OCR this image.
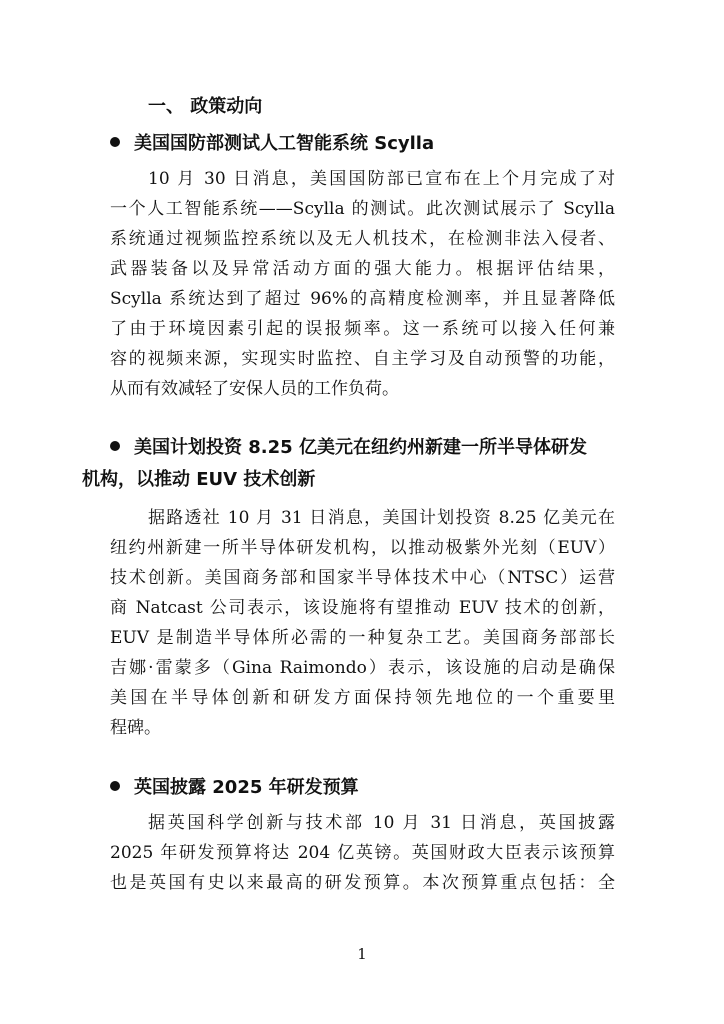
一、 政策动向
美国国防部测试人工智能系统 Scylla
10 月 30 日消息，美国国防部已宣布在上个月完成了对
一个人工智能系统——Scylla 的测试。此次测试展示了 Scylla
系统通过视频监控系统以及无人机技术，在检测非法入侵者、
武器装备以及异常活动方面的强大能力。根据评估结果，
Scylla 系统达到了超过 96%的高精度检测率，并且显著降低
了由于环境因素引起的误报频率。这一系统可以接入任何兼
容的视频来源，实现实时监控、自主学习及自动预警的功能，
从而有效减轻了安保人员的工作负荷。
美国计划投资 8.25 亿美元在纽约州新建一所半导体研发
机构，以推动 EUV 技术创新
据路透社 10 月 31 日消息，美国计划投资 8.25 亿美元在
纽约州新建一所半导体研发机构，以推动极紫外光刻（EUV）
技术创新。美国商务部和国家半导体技术中心（NTSC）运营
商 Natcast 公司表示，该设施将有望推动 EUV 技术的创新，
EUV 是制造半导体所必需的一种复杂工艺。美国商务部部长
吉娜·雷蒙多（Gina Raimondo）表示，该设施的启动是确保
美国在半导体创新和研发方面保持领先地位的一个重要里
程碑。
英国披露 2025 年研发预算
据英国科学创新与技术部 10 月 31 日消息，英国披露
2025 年研发预算将达 204 亿英镑。英国财政大臣表示该预算
也是英国有史以来最高的研发预算。本次预算重点包括：全
1
